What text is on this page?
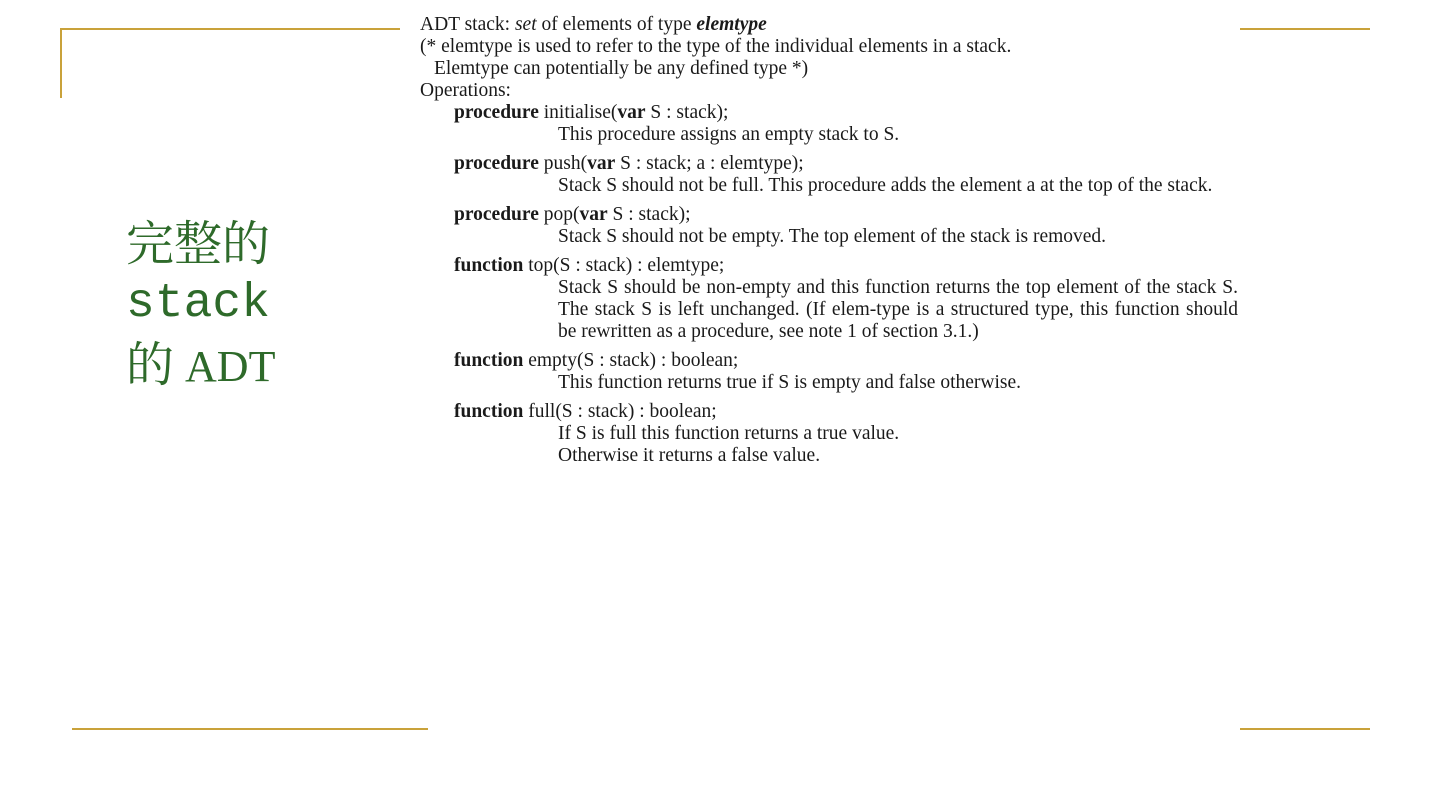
完整的
stack
的 ADT

ADT stack: set of elements of type elemtype

(* elemtype is used to refer to the type of the individual elements in a stack.

Elemtype can potentially be any defined type *)

Operations:

procedure initialise(var S : stack);

This procedure assigns an empty stack to S.

procedure push(var S : stack; a : elemtype);

Stack S should not be full. This procedure adds the element a at the top of the stack.

procedure pop(var S : stack);

Stack S should not be empty. The top element of the stack is removed.

function top(S : stack) : elemtype;

Stack S should be non-empty and this function returns the top element of the stack S. The stack S is left unchanged. (If elem-type is a structured type, this function should be rewritten as a procedure, see note 1 of section 3.1.)

function empty(S : stack) : boolean;

This function returns true if S is empty and false otherwise.

function full(S : stack) : boolean;

If S is full this function returns a true value.

Otherwise it returns a false value.
